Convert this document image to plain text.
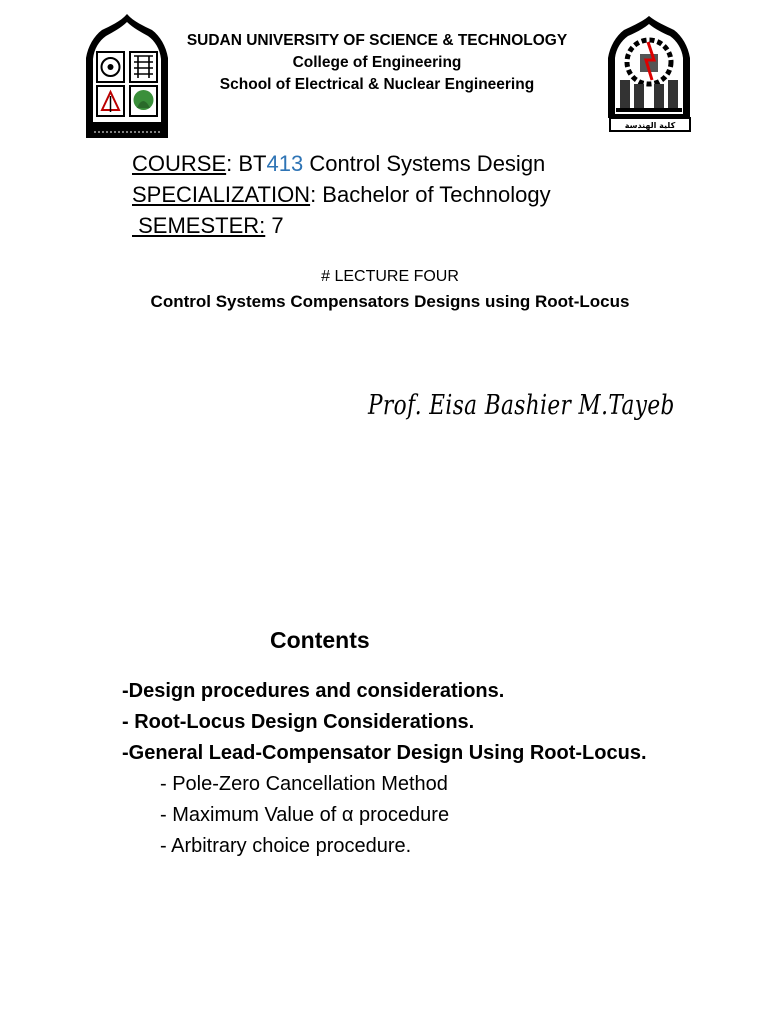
SUDAN UNIVERSITY OF SCIENCE & TECHNOLOGY
College of Engineering
School of Electrical & Nuclear Engineering
كلية الهندسة
COURSE: BT413 Control Systems Design
SPECIALIZATION: Bachelor of Technology
SEMESTER: 7
# LECTURE FOUR
Control Systems Compensators Designs using Root-Locus
Prof. Eisa Bashier M.Tayeb
Contents
-Design procedures and considerations.
- Root-Locus Design Considerations.
-General Lead-Compensator Design Using Root-Locus.
- Pole-Zero Cancellation Method
- Maximum Value of α procedure
- Arbitrary choice procedure.
